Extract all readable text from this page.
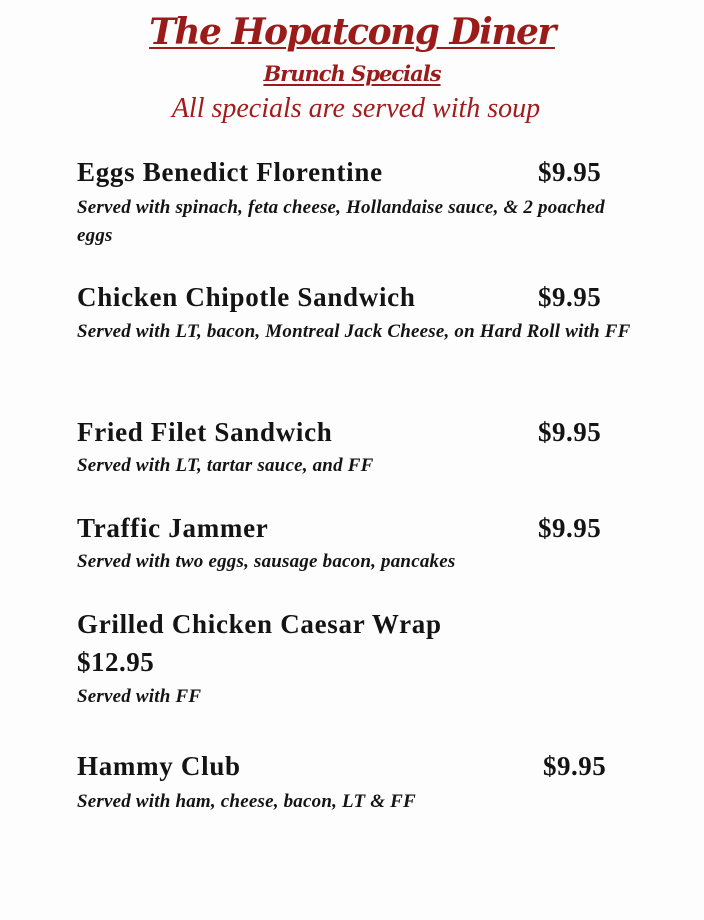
The Hopatcong Diner
Brunch Specials
All specials are served with soup
Eggs Benedict Florentine	$9.95
Served with spinach, feta cheese, Hollandaise sauce, & 2 poached eggs
Chicken Chipotle Sandwich	$9.95
Served with LT, bacon, Montreal Jack Cheese, on Hard Roll with FF
Fried Filet Sandwich	$9.95
Served with LT, tartar sauce, and FF
Traffic Jammer	$9.95
Served with two eggs, sausage bacon, pancakes
Grilled Chicken Caesar Wrap
$12.95
Served with FF
Hammy Club	$9.95
Served with ham, cheese, bacon, LT & FF
